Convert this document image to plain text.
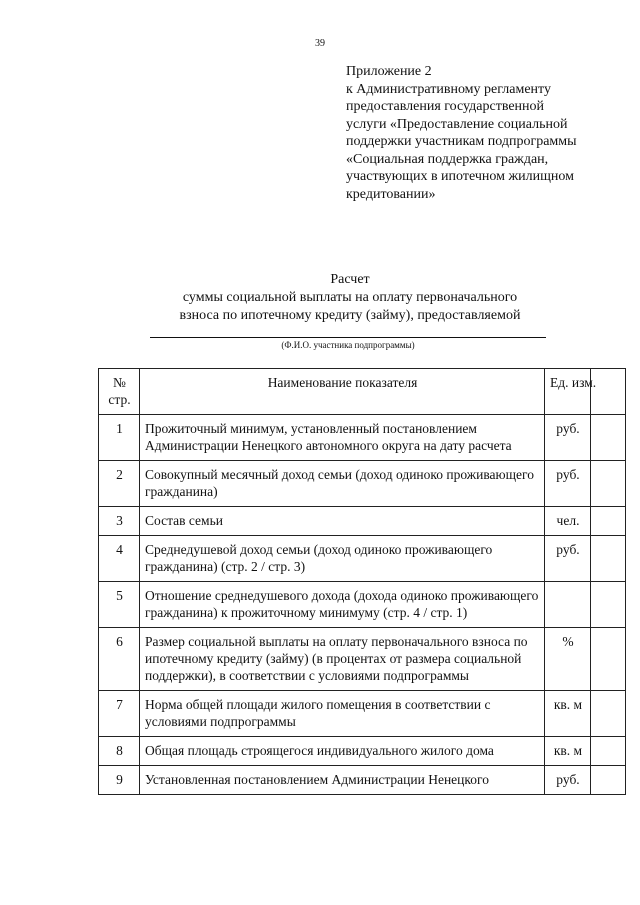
39
Приложение 2
к Административному регламенту
предоставления государственной
услуги «Предоставление социальной
поддержки участникам подпрограммы
«Социальная поддержка граждан,
участвующих в ипотечном жилищном
кредитовании»
Расчет
суммы социальной выплаты на оплату первоначального
взноса по ипотечному кредиту (займу), предоставляемой
(Ф.И.О. участника подпрограммы)
№ стр.	Наименование показателя	Ед. изм.	
1	Прожиточный минимум, установленный постановлением Администрации Ненецкого автономного округа на дату расчета	руб.	
2	Совокупный месячный доход семьи (доход одиноко проживающего гражданина)	руб.	
3	Состав семьи	чел.	
4	Среднедушевой доход семьи (доход одиноко проживающего гражданина) (стр. 2 / стр. 3)	руб.	
5	Отношение среднедушевого дохода (дохода одиноко проживающего гражданина) к прожиточному минимуму (стр. 4 / стр. 1)		
6	Размер социальной выплаты на оплату первоначального взноса по ипотечному кредиту (займу) (в процентах от размера социальной поддержки), в соответствии с условиями подпрограммы	%	
7	Норма общей площади жилого помещения в соответствии с условиями подпрограммы	кв. м	
8	Общая площадь строящегося индивидуального жилого дома	кв. м	
9	Установленная постановлением Администрации Ненецкого	руб.	
